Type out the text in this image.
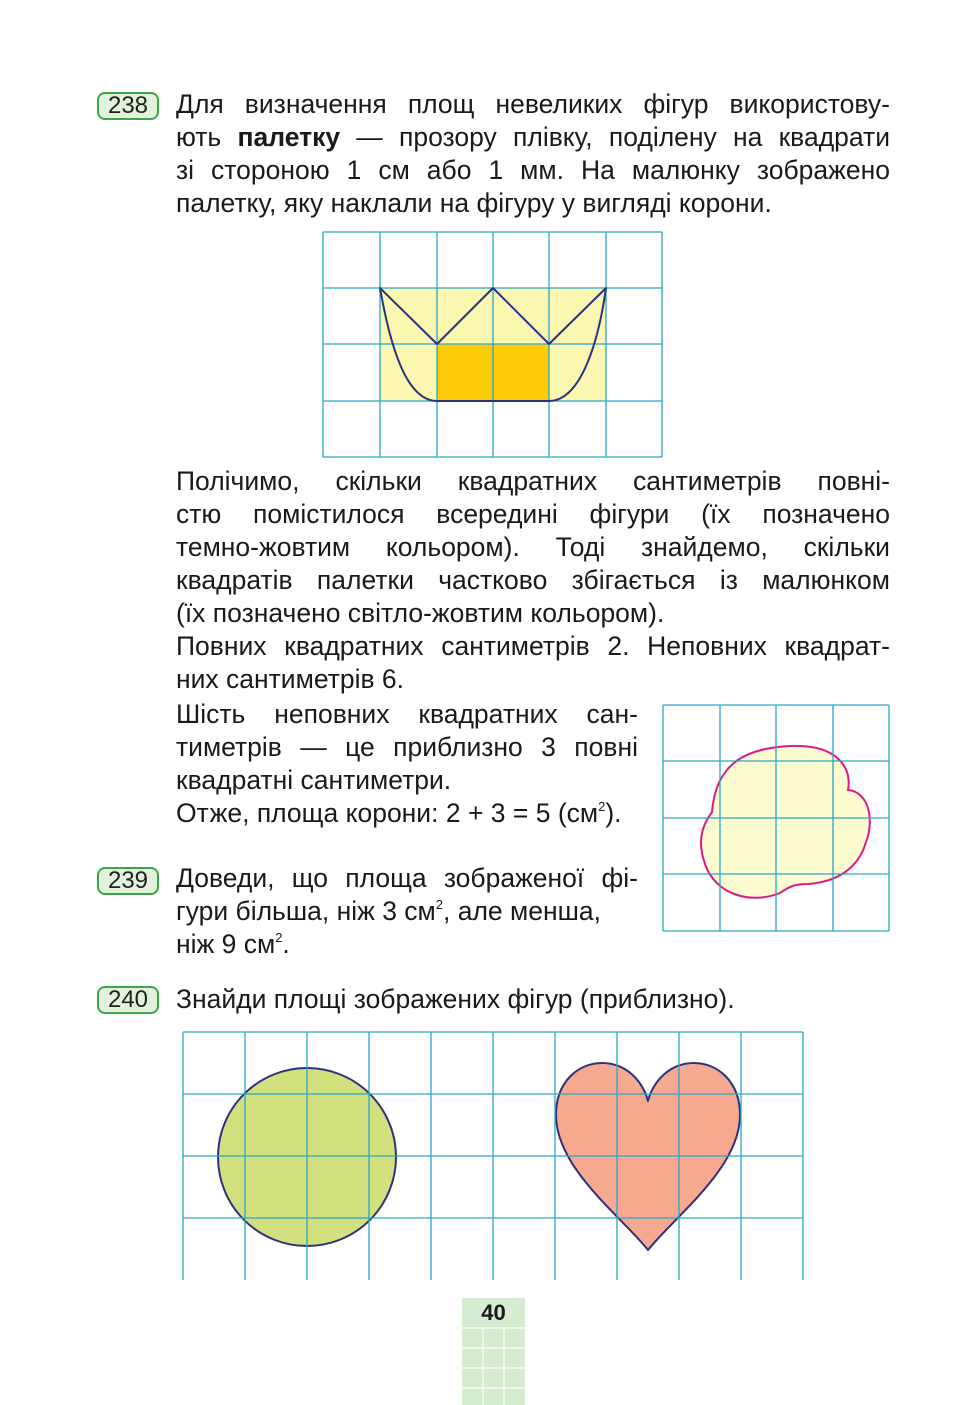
238	Для визначення площ невеликих фігур використову-
ють палетку — прозору плівку, поділену на квадрати
зі стороною 1 см або 1 мм. На малюнку зображено
палетку, яку наклали на фігуру у вигляді корони.
Полічимо, скільки квадратних сантиметрів повні-
стю помістилося всередині фігури (їх позначено
темно-жовтим кольором). Тоді знайдемо, скільки
квадратів палетки частково збігається із малюнком
(їх позначено світло-жовтим кольором).
Повних квадратних сантиметрів 2. Неповних квадрат-
них сантиметрів 6.
Шість неповних квадратних сан-
тиметрів — це приблизно 3 повні
квадратні сантиметри.
Отже, площа корони: 2 + 3 = 5 $(см^2)$.
239	Доведи, що площа зображеної фі-
гури більша, ніж 3 $см^2$, але менша,
ніж 9 $см^2$.
240	Знайди площі зображених фігур (приблизно).
40
